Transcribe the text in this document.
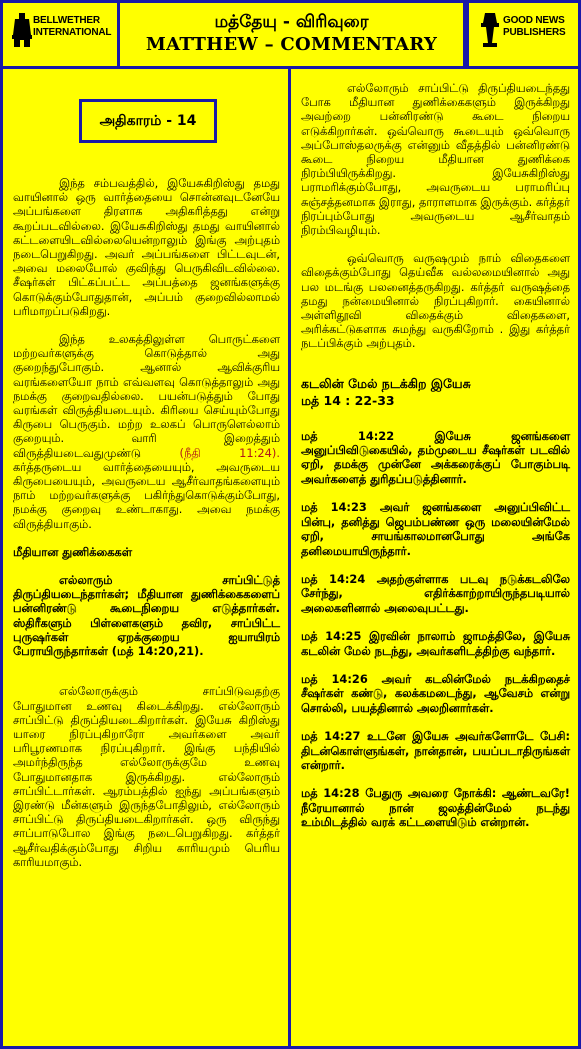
BELLWETHER
INTERNATIONAL
மத்தேயு - விரிவுரை
MATTHEW – COMMENTARY
GOOD NEWS
PUBLISHERS
அதிகாரம் - 14

இந்த சம்பவத்தில், இயேசுகிறிஸ்து தமது வாயினால் ஒரு வார்த்தையை சொன்னவுடனேயே அப்பங்களை திரளாக அதிகரித்தது என்று கூறப்படவில்லை. இயேசுகிறிஸ்து தமது வாயினால் கட்டளையிடவில்லையென்றாலும் இங்கு அற்புதம் நடைபெறுகிறது. அவர் அப்பங்களை பிட்டவுடன், அவை மலைபோல் குவிந்து பெருகிவிடவில்லை. சீஷர்கள் பிட்கப்பட்ட அப்பத்தை ஜனங்களுக்கு கொடுக்கும்போதுதான், அப்பம் குறைவில்லாமல் பரிமாறப்படுகிறது.

இந்த உலகத்திலுள்ள பொருட்களை மற்றவர்களுக்கு கொடுத்தால் அது குறைந்துபோகும். ஆனால் ஆவிக்குரிய வரங்களையோ நாம் எவ்வளவு கொடுத்தாலும் அது நமக்கு குறைவதில்லை. பயன்படுத்தும் போது வரங்கள் விருத்தியடையும். கிரியை செய்யும்போது கிருபை பெருகும். மற்ற உலகப் பொருளெல்லாம் குறையும். வாரி இறைத்தும் விருத்தியடைவதுமுண்டு	(நீதி 11:24). கர்த்தருடைய வார்த்தையையும், அவருடைய கிருபையையும், அவருடைய ஆசீர்வாதங்களையும் நாம் மற்றவர்களுக்கு பகிர்ந்துகொடுக்கும்போது, நமக்கு குறைவு உண்டாகாது. அவை நமக்கு விருத்தியாகும்.

மீதியான துணிக்கைகள்

எல்லாரும் சாப்பிட்டுத் திருப்தியடைந்தார்கள்; மீதியான துணிக்கைகளைப் பன்னிரண்டு கூடைநிறைய எடுத்தார்கள். ஸ்திரீகளும் பிள்ளைகளும் தவிர, சாப்பிட்ட புருஷர்கள் ஏறக்குறைய ஐயாயிரம் பேராயிருந்தார்கள் (மத் 14:20,21).

எல்லோருக்கும் சாப்பிடுவதற்கு போதுமான உணவு கிடைக்கிறது. எல்லோரும் சாப்பிட்டு திருப்தியடைகிறார்கள். இயேசு கிறிஸ்து யாரை நிரப்புகிறாரோ அவர்களை அவர் பரிபூரணமாக நிரப்புகிறார். இங்கு பந்தியில் அமர்ந்திருந்த எல்லோருக்குமே உணவு போதுமானதாக இருக்கிறது. எல்லோரும் சாப்பிட்டார்கள். ஆரம்பத்தில் ஐந்து அப்பங்களும் இரண்டு மீன்களும் இருந்தபோதிலும், எல்லோரும் சாப்பிட்டு திருப்தியடைகிறார்கள். ஒரு விருந்து சாப்பாடுபோல இங்கு நடைபெறுகிறது. கர்த்தர் ஆசீர்வதிக்கும்போது சிறிய காரியமும் பெரிய காரியமாகும்.

எல்லோரும் சாப்பிட்டு திருப்தியடைந்தது போக மீதியான துணிக்கைகளும் இருக்கிறது அவற்றை பன்னிரண்டு கூடை நிறைய எடுக்கிறார்கள். ஒவ்வொரு கூடையும் ஒவ்வொரு அப்போஸ்தலருக்கு என்னும் வீதத்தில் பன்னிரண்டு கூடை நிறைய மீதியான துணிக்கை நிரம்பியிருக்கிறது. இயேசுகிறிஸ்து பராமரிக்கும்போது, அவருடைய பராமரிப்பு சுஞ்சத்தனமாக இராது, தாராளமாக இருக்கும். கர்த்தர் நிரப்பும்போது அவருடைய ஆசீர்வாதம் நிரம்பிவழியும்.

ஒவ்வொரு வருஷமும் நாம் விதைகளை விதைக்கும்போது தெய்வீக வல்லமையினால் அது பல மடங்கு பலனைத்தருகிறது. கர்த்தர் வருஷத்தை தமது நன்மையினால் நிரப்புகிறார். கையினால் அள்ளிதூவி விதைக்கும் விதைகளை, அரிக்கட்டுகளாக சுமந்து வருகிறோம் . இது கர்த்தர் நடப்பிக்கும் அற்புதம்.

கடலின் மேல் நடக்கிற இயேசு
மத் 14 : 22-33

மத் 14:22 இயேசு ஜனங்களை அனுப்பிவிடுகையில், தம்முடைய சீஷர்கள் படவில் ஏறி, தமக்கு முன்னே அக்கரைக்குப் போகும்படி அவர்களைத் துரிதப்படுத்தினார்.

மத் 14:23 அவர் ஜனங்களை அனுப்பிவிட்ட பின்பு, தனித்து ஜெபம்பண்ண ஒரு மலையின்மேல் ஏறி, சாயங்காலமானபோது அங்கே தனிமையாயிருந்தார்.

மத் 14:24 அதற்குள்ளாக படவு நடுக்கடலிலே சேர்ந்து, எதிர்க்காற்றாயிருந்தபடியால் அலைகளினால் அலைவுபட்டது.

மத் 14:25 இரவின் நாலாம் ஜாமத்திலே, இயேசு கடலின் மேல் நடந்து, அவர்களிடத்திற்கு வந்தார்.

மத் 14:26 அவர் கடலின்மேல் நடக்கிறதைச் சீஷர்கள் கண்டு, கலக்கமடைந்து, ஆவேசம் என்று சொல்லி, பயத்தினால் அலறினார்கள்.

மத் 14:27 உடனே இயேசு அவர்களோடே பேசி: திடன்கொள்ளுங்கள், நான்தான், பயப்படாதிருங்கள் என்றார்.

மத் 14:28 பேதுரு அவரை நோக்கி: ஆண்டவரே! நீரேயானால் நான் ஜலத்தின்மேல் நடந்து உம்மிடத்தில் வரக் கட்டளையிடும் என்றான்.
